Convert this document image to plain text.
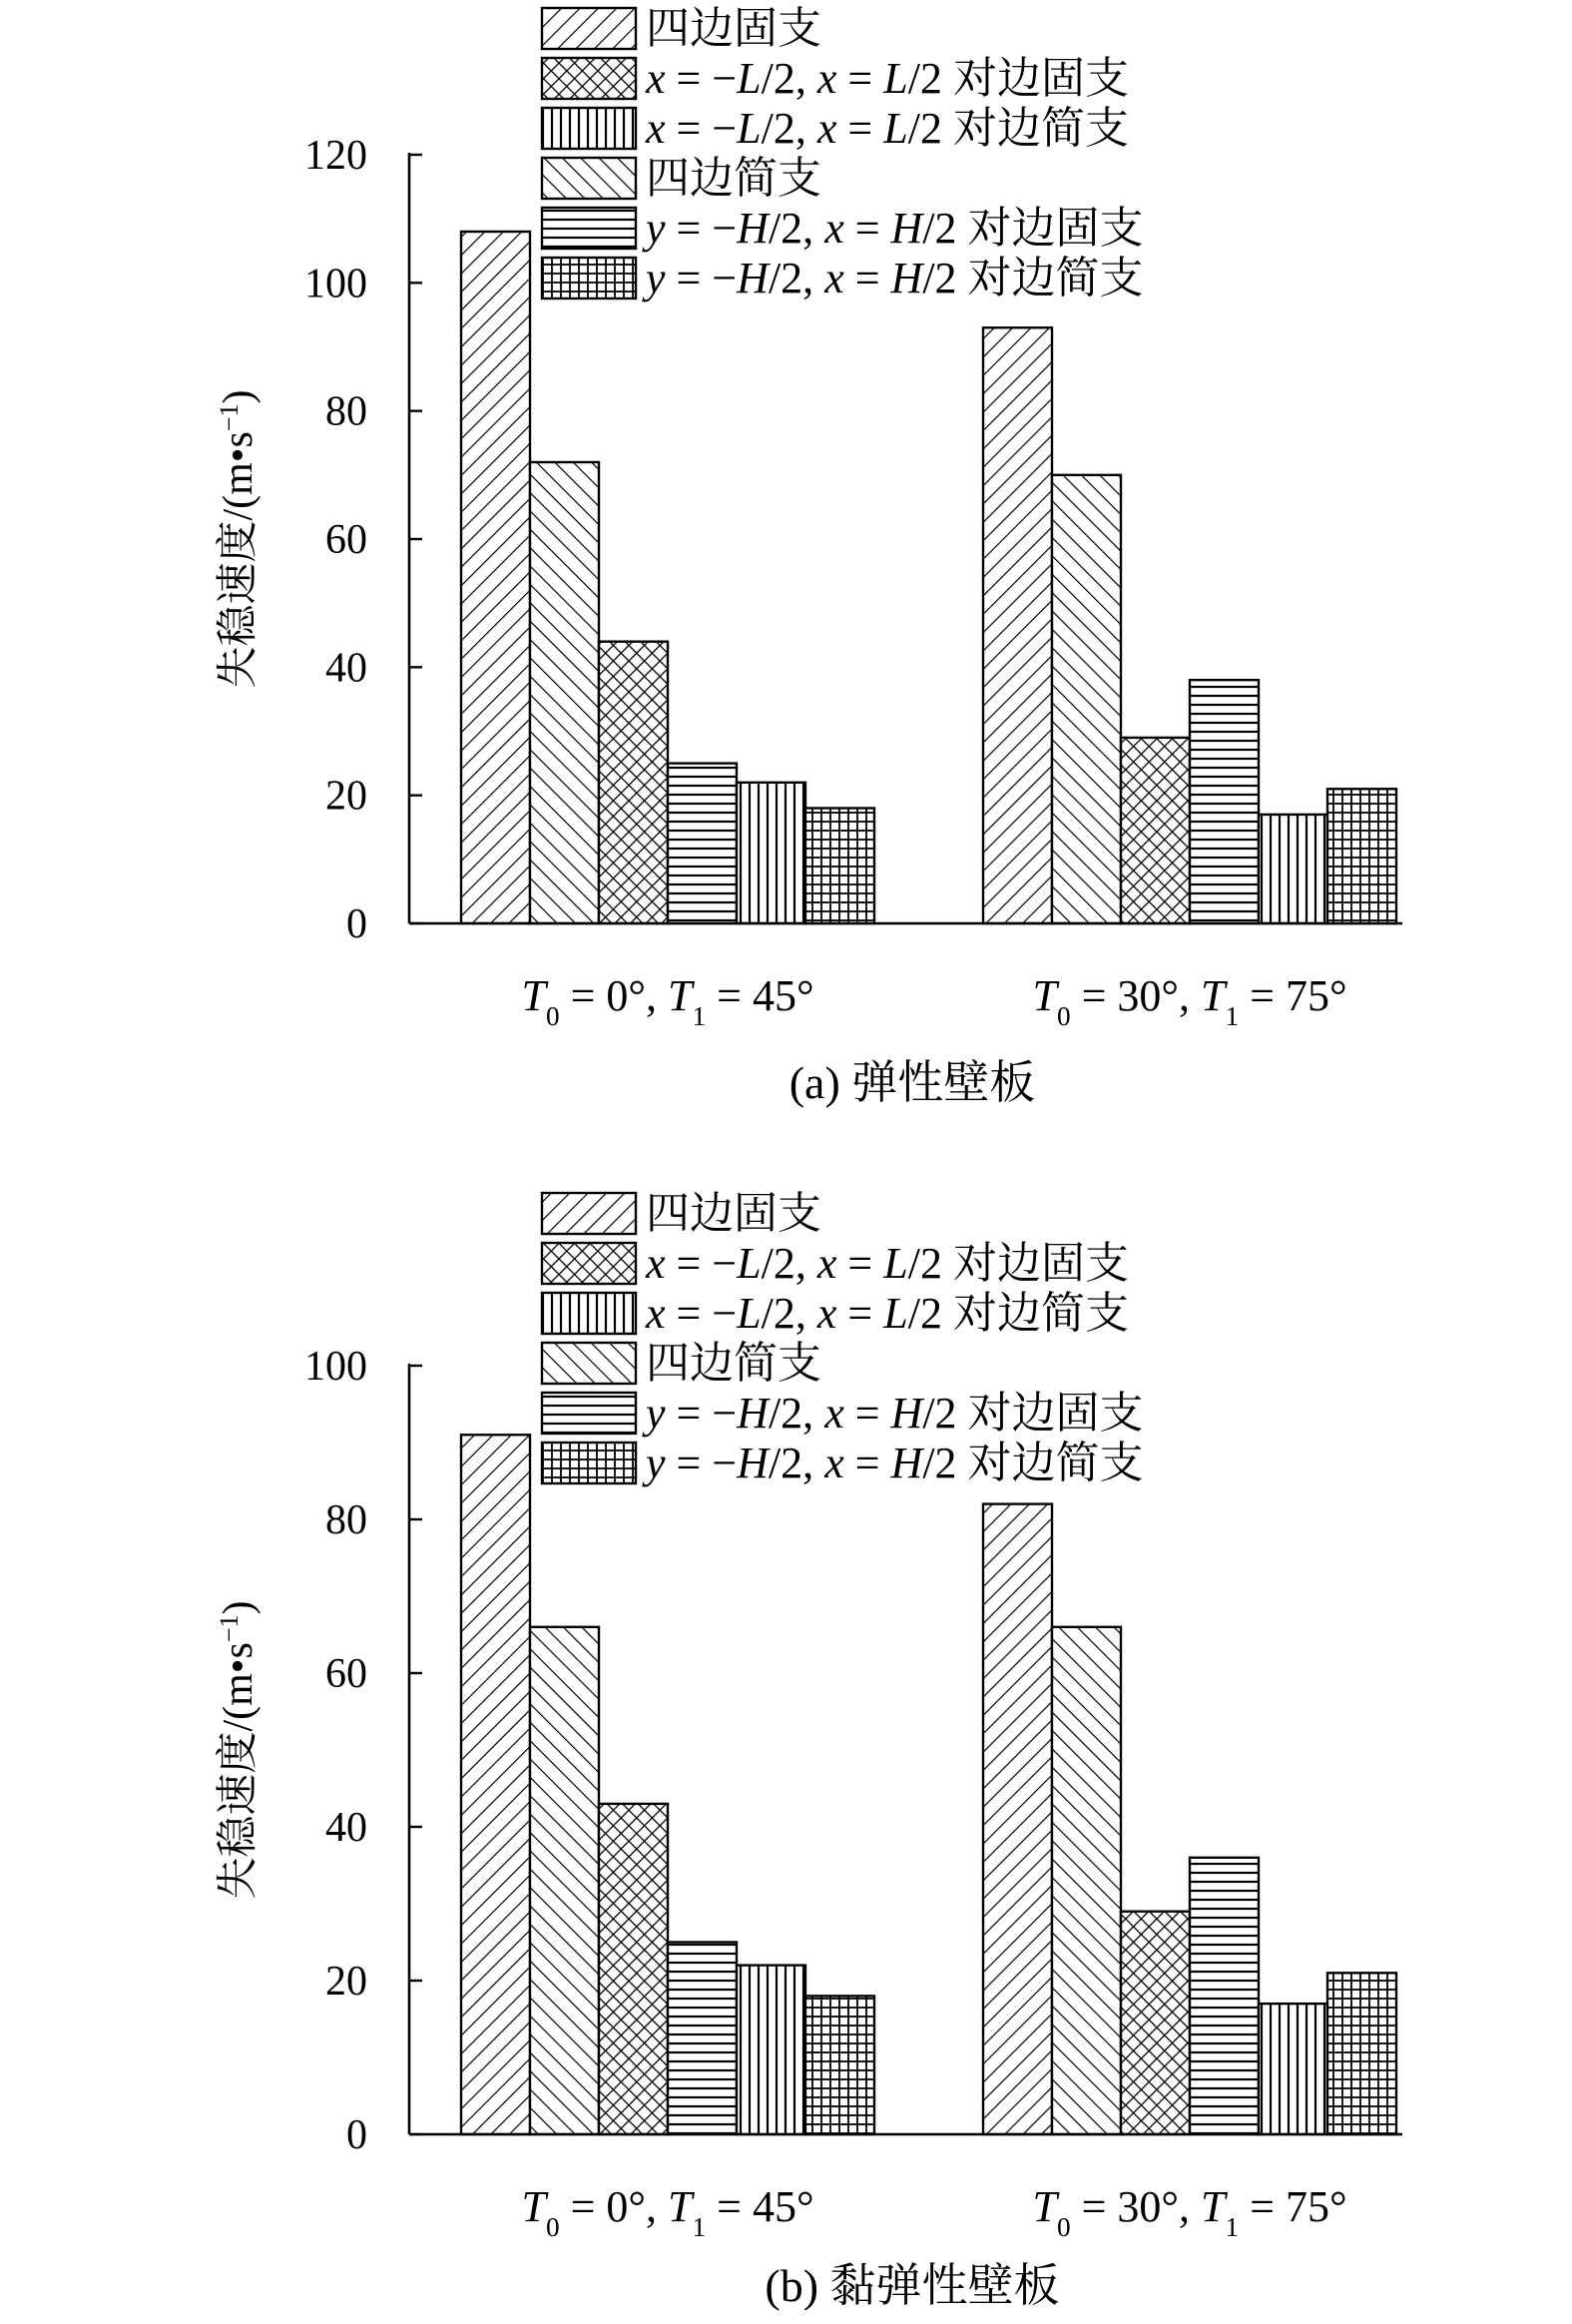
0
20
40
60
80
100
120
失稳速度$/(m•s^{-1})$
$T_0 = 0^\circ$, $T_1 = 45^\circ$	$T_0 = 30^\circ$, $T_1 = 75^\circ$
四边固支
x = −L/2, x = L/2 对边固支
x = −L/2, x = L/2 对边简支
四边简支
y = −H/2, x = H/2 对边固支
y = −H/2, x = H/2 对边简支
0
20
40
60
80
100
失稳速度$/(m•s^{-1})$
$T_0 = 0^\circ$, $T_1 = 45^\circ$	$T_0 = 30^\circ$, $T_1 = 75^\circ$
四边固支
x = −L/2, x = L/2 对边固支
x = −L/2, x = L/2 对边简支
四边简支
y = −H/2, x = H/2 对边固支
y = −H/2, x = H/2 对边简支
(a) 弹性壁板
(b) 黏弹性壁板
